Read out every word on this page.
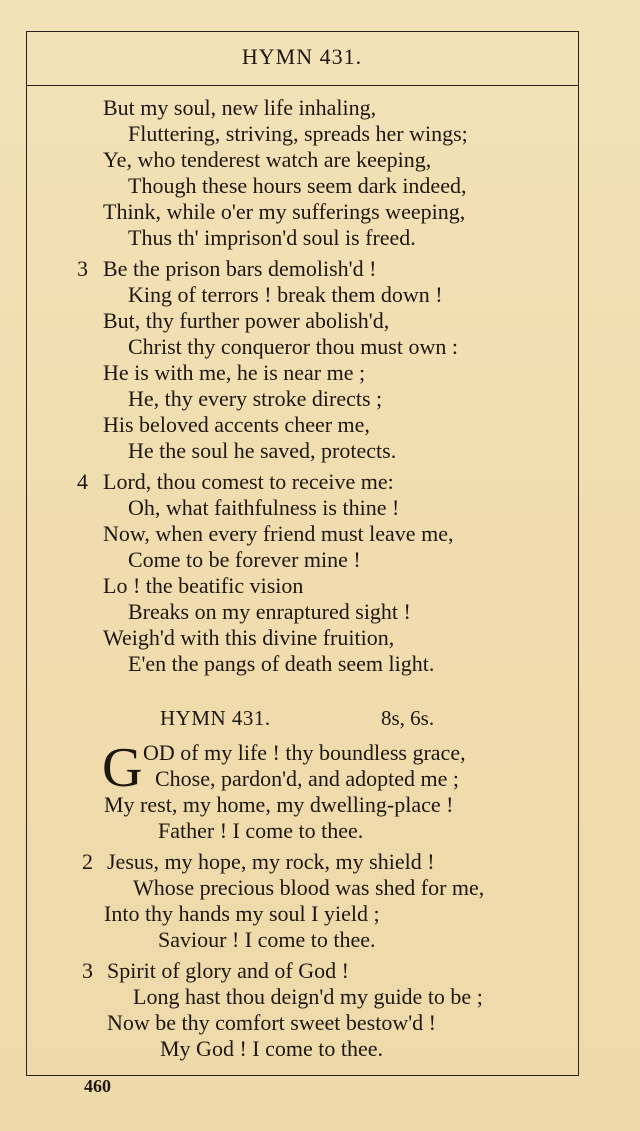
HYMN 431.
But my soul, new life inhaling,
Fluttering, striving, spreads her wings;
Ye, who tenderest watch are keeping,
Though these hours seem dark indeed,
Think, while o'er my sufferings weeping,
Thus th' imprison'd soul is freed.
3 Be the prison bars demolish'd !
King of terrors ! break them down !
But, thy further power abolish'd,
Christ thy conqueror thou must own :
He is with me, he is near me ;
He, thy every stroke directs ;
His beloved accents cheer me,
He the soul he saved, protects.
4 Lord, thou comest to receive me:
Oh, what faithfulness is thine !
Now, when every friend must leave me,
Come to be forever mine !
Lo ! the beatific vision
Breaks on my enraptured sight !
Weigh'd with this divine fruition,
E'en the pangs of death seem light.
HYMN 431.	8s, 6s.
G OD of my life ! thy boundless grace,
Chose, pardon'd, and adopted me ;
My rest, my home, my dwelling-place !
Father ! I come to thee.
2 Jesus, my hope, my rock, my shield !
Whose precious blood was shed for me,
Into thy hands my soul I yield ;
Saviour ! I come to thee.
3 Spirit of glory and of God !
Long hast thou deign'd my guide to be ;
Now be thy comfort sweet bestow'd !
My God ! I come to thee.
460
